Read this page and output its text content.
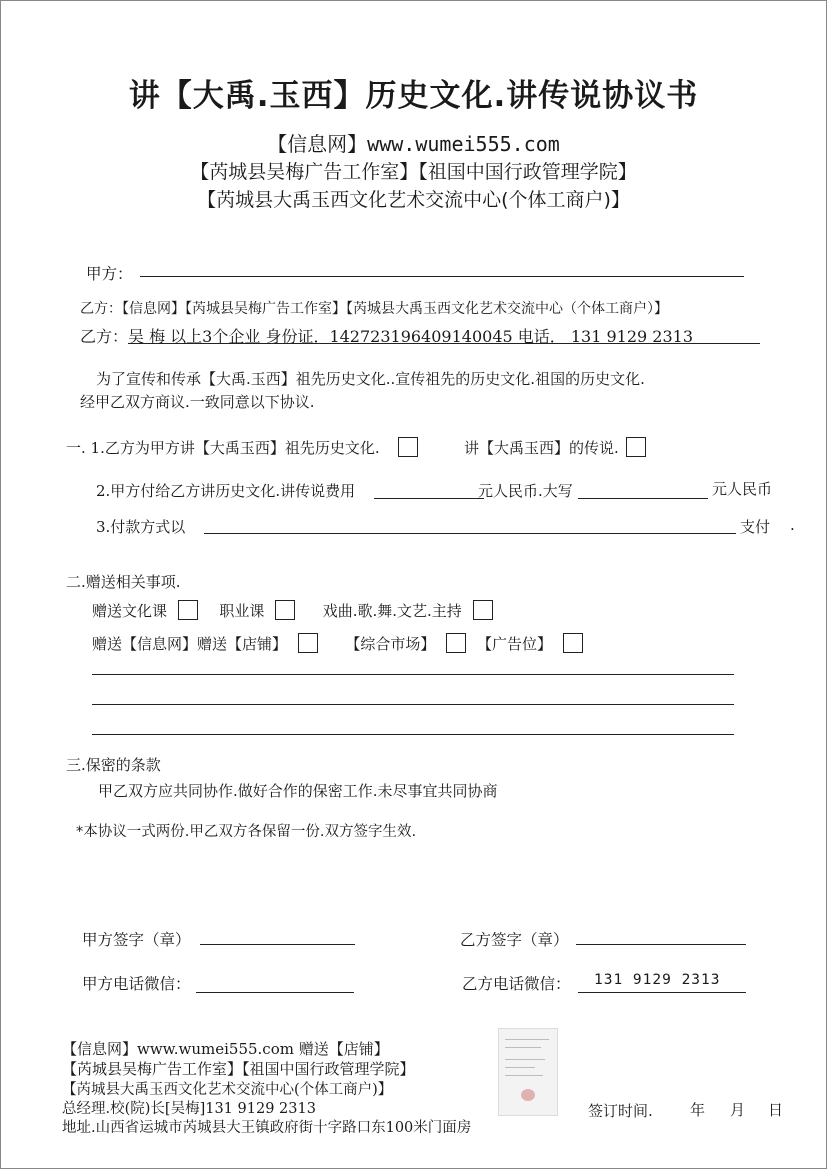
讲【大禹.玉西】历史文化.讲传说协议书
【信息网】www.wumei555.com
【芮城县吴梅广告工作室】【祖国中国行政管理学院】
【芮城县大禹玉西文化艺术交流中心(个体工商户)】
甲方：
乙方：【信息网】【芮城县吴梅广告工作室】【芮城县大禹玉西文化艺术交流中心（个体工商户）】
乙方： 吴 梅 以上3个企业 身份证．142723196409140045 电话． 131 9129 2313
为了宣传和传承【大禹.玉西】祖先历史文化..宣传祖先的历史文化.祖国的历史文化.
经甲乙双方商议.一致同意以下协议.
一. 1.乙方为甲方讲【大禹玉西】祖先历史文化.	讲【大禹玉西】的传说.
2.甲方付给乙方讲历史文化.讲传说费用	元人民币.大写	元人民币
3.付款方式以	支付 .
二.赠送相关事项.
赠送文化课	职业课	戏曲.歌.舞.文艺.主持
赠送【信息网】赠送【店铺】	【综合市场】	【广告位】
三.保密的条款
甲乙双方应共同协作.做好合作的保密工作.未尽事宜共同协商
*本协议一式两份.甲乙双方各保留一份.双方签字生效.
甲方签字（章）	乙方签字（章）
甲方电话微信：	乙方电话微信： 131 9129 2313
【信息网】www.wumei555.com 赠送【店铺】
【芮城县吴梅广告工作室】【祖国中国行政管理学院】
【芮城县大禹玉西文化艺术交流中心(个体工商户)】
总经理.校(院)长[吴梅]131 9129 2313
地址.山西省运城市芮城县大王镇政府街十字路口东100米门面房
签订时间. 年 月 日
